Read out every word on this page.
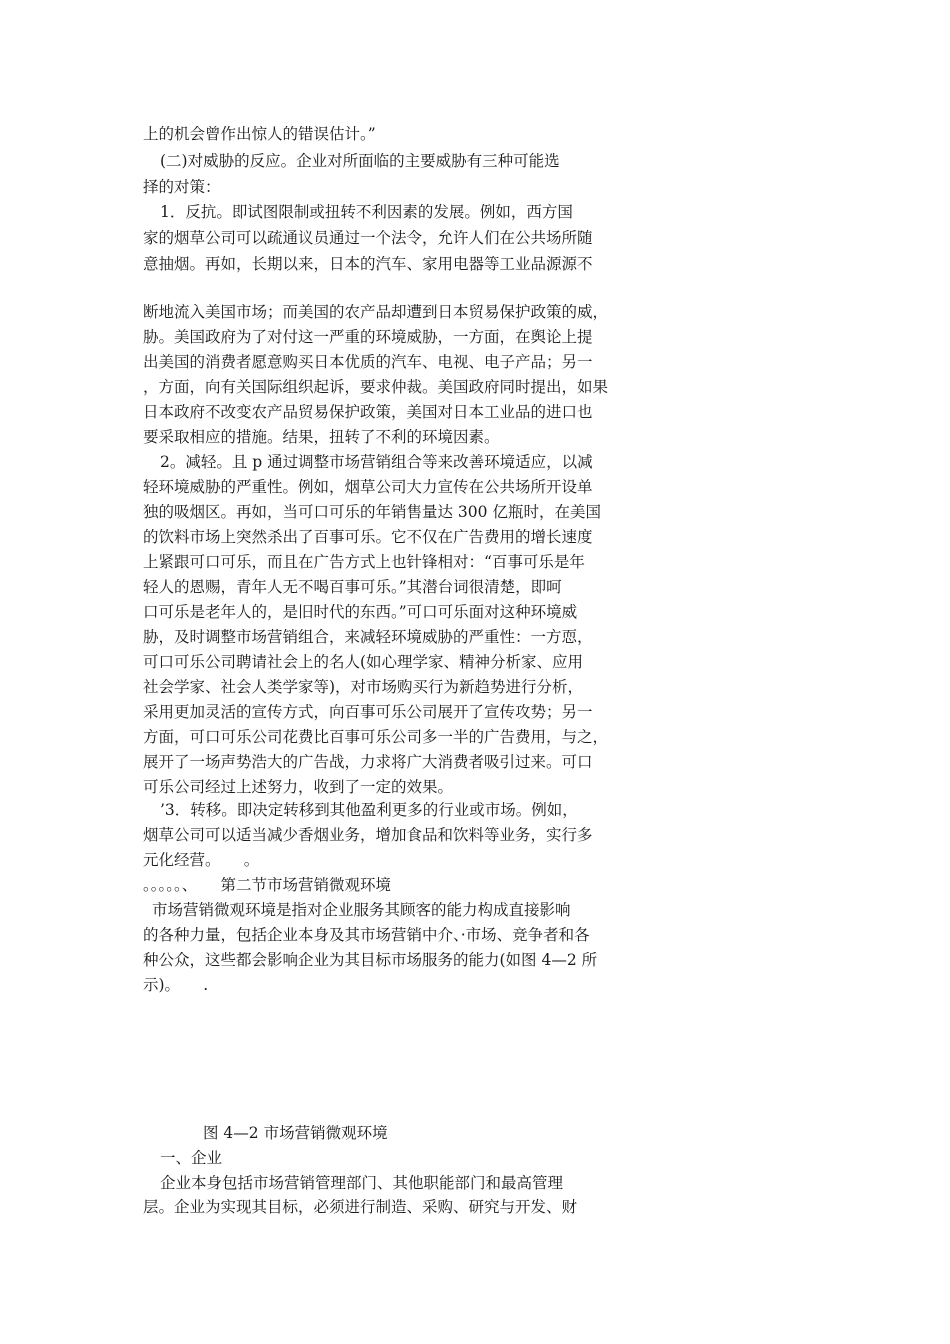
上的机会曾作出惊人的错误估计。”
(二)对威胁的反应。企业对所面临的主要威胁有三种可能选
择的对策：
1．反抗。即试图限制或扭转不利因素的发展。例如，西方国
家的烟草公司可以疏通议员通过一个法令，允许人们在公共场所随
意抽烟。再如，长期以来，日本的汽车、家用电器等工业品源源不
断地流入美国市场；而美国的农产品却遭到日本贸易保护政策的威，
胁。美国政府为了对付这一严重的环境威胁，一方面，在舆论上提
出美国的消费者愿意购买日本优质的汽车、电视、电子产品；另一
，方面，向有关国际组织起诉，要求仲裁。美国政府同时提出，如果
日本政府不改变农产品贸易保护政策，美国对日本工业品的进口也
要采取相应的措施。结果，扭转了不利的环境因素。
2。减轻。且 p 通过调整市场营销组合等来改善环境适应，以减
轻环境威胁的严重性。例如，烟草公司大力宣传在公共场所开设单
独的吸烟区。再如，当可口可乐的年销售量达 300 亿瓶时，在美国
的饮料市场上突然杀出了百事可乐。它不仅在广告费用的增长速度
上紧跟可口可乐，而且在广告方式上也针锋相对：“百事可乐是年
轻人的恩赐，青年人无不喝百事可乐。”其潜台词很清楚，即呵
口可乐是老年人的，是旧时代的东西。”可口可乐面对这种环境威
胁，及时调整市场营销组合，来减轻环境威胁的严重性：一方恧，
可口可乐公司聘请社会上的名人(如心理学家、精神分析家、应用
社会学家、社会人类学家等)，对市场购买行为新趋势进行分析，
采用更加灵活的宣传方式，向百事可乐公司展开了宣传攻势；另一
方面，可口可乐公司花费比百事可乐公司多一半的广告费用，与之，
展开了一场声势浩大的广告战，力求将广大消费者吸引过来。可口
可乐公司经过上述努力，收到了一定的效果。
’3．转移。即决定转移到其他盈利更多的行业或市场。例如，
烟草公司可以适当减少香烟业务，增加食品和饮料等业务，实行多
元化经营。　　。
。。。。。、　　第二节市场营销微观环境
市场营销微观环境是指对企业服务其顾客的能力构成直接影响
的各种力量，包括企业本身及其市场营销中介、·市场、竞争者和各
种公众，这些都会影响企业为其目标市场服务的能力(如图 4—2 所
示)。　　.
图 4—2 市场营销微观环境
一、企业
企业本身包括市场营销管理部门、其他职能部门和最高管理
层。企业为实现其目标，必须进行制造、采购、研究与开发、财
